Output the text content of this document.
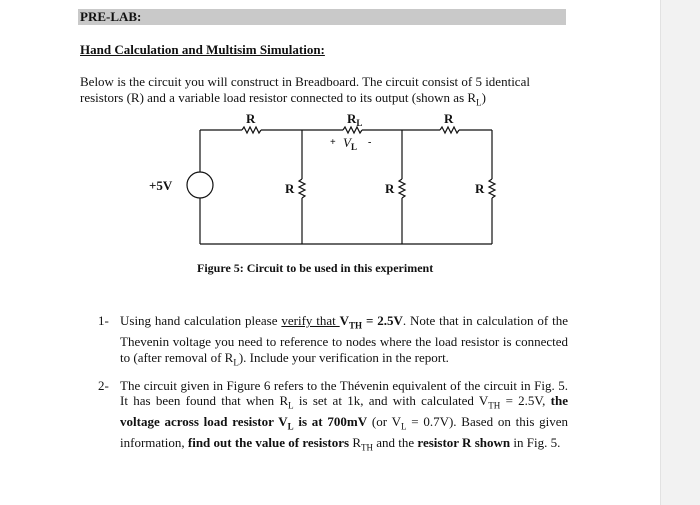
PRE-LAB:
Hand Calculation and Multisim Simulation:
Below is the circuit you will construct in Breadboard. The circuit consist of 5 identical resistors (R) and a variable load resistor connected to its output (shown as $R_L$)
R	$R_L$	R
+ $V_L$ -
+5V	R	R	R
Figure 5: Circuit to be used in this experiment
1- Using hand calculation please verify that $V_{TH} = 2.5V$. Note that in calculation of the Thevenin voltage you need to reference to nodes where the load resistor is connected to (after removal of $R_L$). Include your verification in the report.
2- The circuit given in Figure 6 refers to the Thévenin equivalent of the circuit in Fig. 5. It has been found that when $R_L$ is set at 1k, and with calculated $V_{TH} = 2.5V$, the voltage across load resistor $V_L$ is at 700mV (or $V_L = 0.7V$). Based on this given information, find out the value of resistors $R_{TH}$ and the resistor R shown in Fig. 5.
